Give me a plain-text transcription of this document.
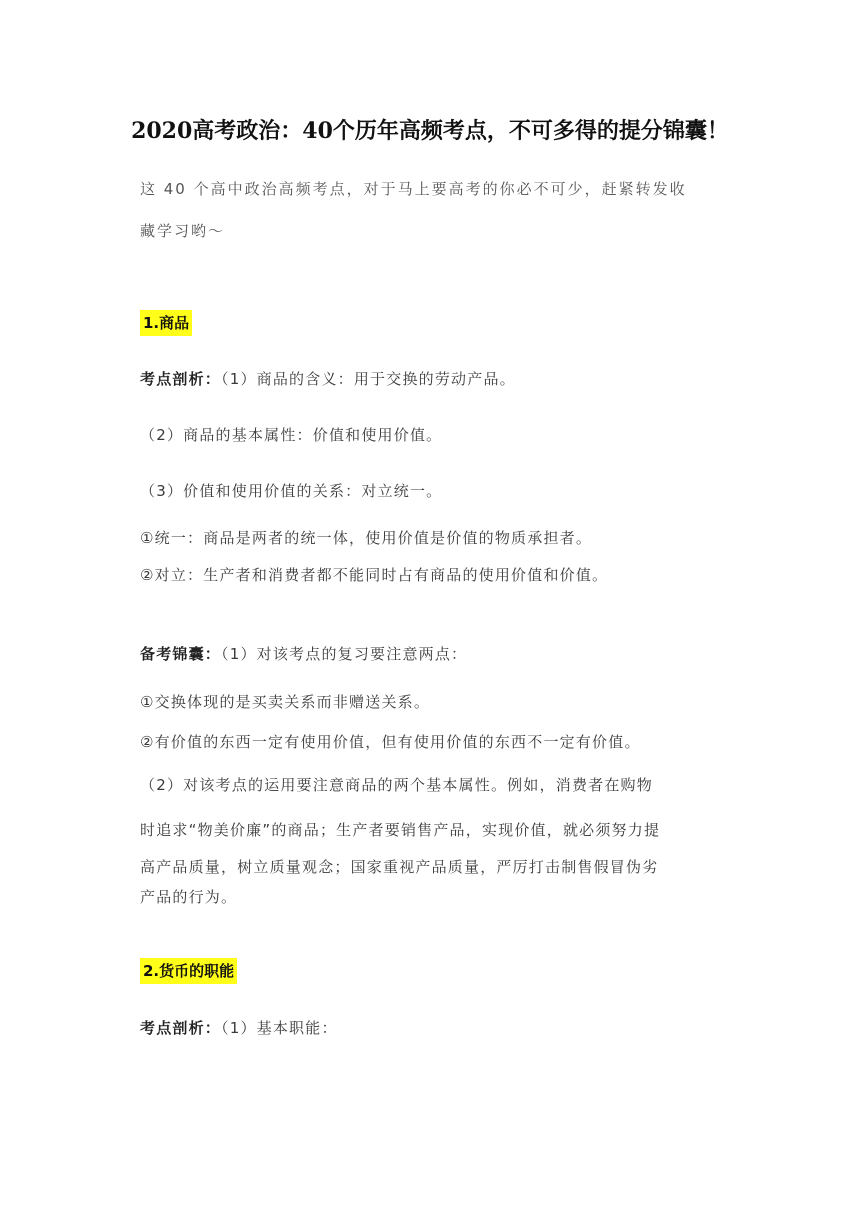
2020高考政治：40个历年高频考点，不可多得的提分锦囊！
这 40 个高中政治高频考点，对于马上要高考的你必不可少，赶紧转发收
藏学习哟～
1.商品
考点剖析：（1）商品的含义：用于交换的劳动产品。
（2）商品的基本属性：价值和使用价值。
（3）价值和使用价值的关系：对立统一。
①统一：商品是两者的统一体，使用价值是价值的物质承担者。
②对立：生产者和消费者都不能同时占有商品的使用价值和价值。
备考锦囊：（1）对该考点的复习要注意两点：
①交换体现的是买卖关系而非赠送关系。
②有价值的东西一定有使用价值，但有使用价值的东西不一定有价值。
（2）对该考点的运用要注意商品的两个基本属性。例如，消费者在购物
时追求“物美价廉”的商品；生产者要销售产品，实现价值，就必须努力提
高产品质量，树立质量观念；国家重视产品质量，严厉打击制售假冒伪劣
产品的行为。
2.货币的职能
考点剖析：（1）基本职能：
